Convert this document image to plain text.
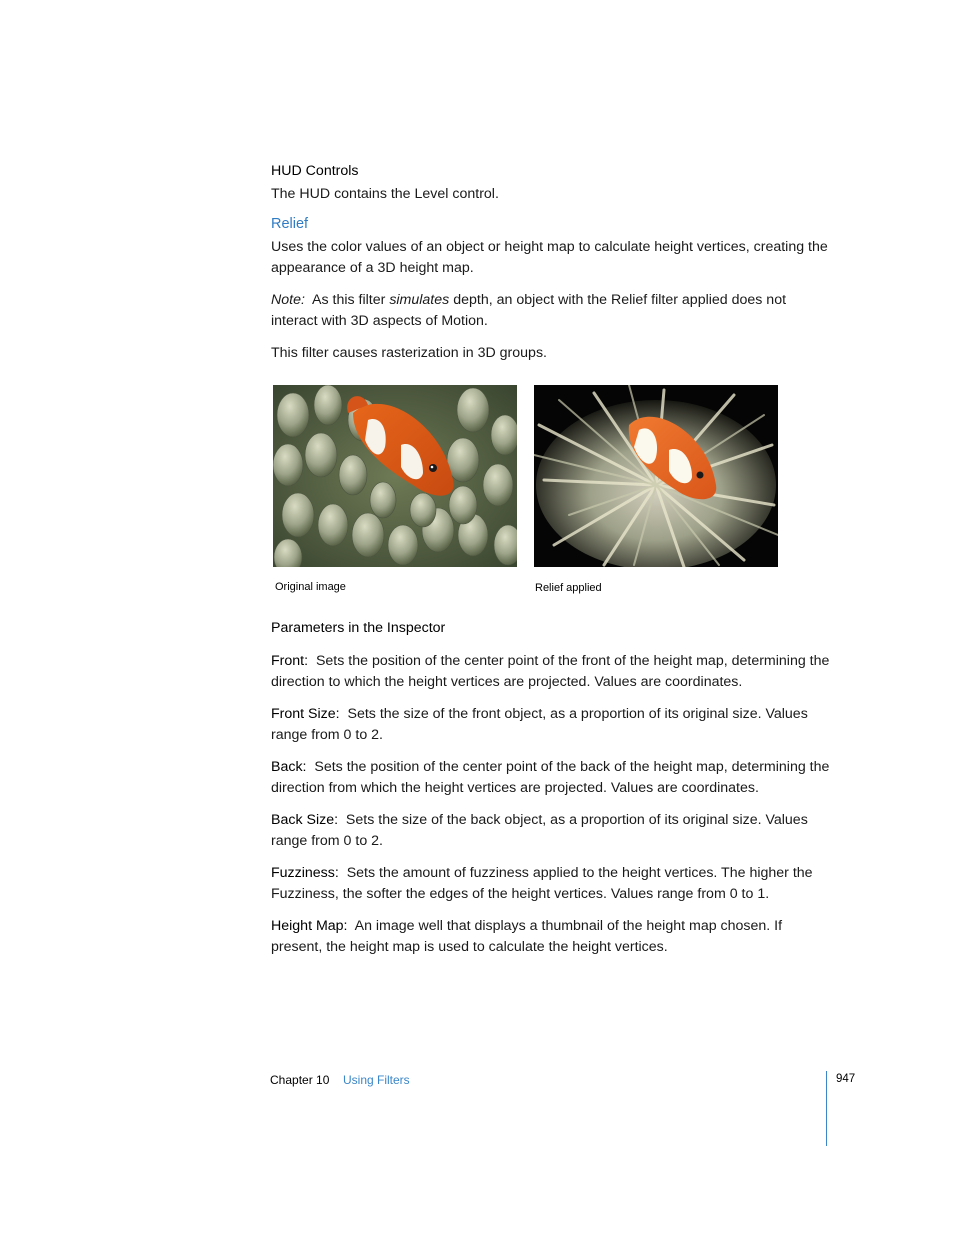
HUD Controls
The HUD contains the Level control.
Relief
Uses the color values of an object or height map to calculate height vertices, creating the appearance of a 3D height map.
Note: As this filter simulates depth, an object with the Relief filter applied does not interact with 3D aspects of Motion.
This filter causes rasterization in 3D groups.
Original image	Relief applied
Parameters in the Inspector
Front: Sets the position of the center point of the front of the height map, determining the direction to which the height vertices are projected. Values are coordinates.
Front Size: Sets the size of the front object, as a proportion of its original size. Values range from 0 to 2.
Back: Sets the position of the center point of the back of the height map, determining the direction from which the height vertices are projected. Values are coordinates.
Back Size: Sets the size of the back object, as a proportion of its original size. Values range from 0 to 2.
Fuzziness: Sets the amount of fuzziness applied to the height vertices. The higher the Fuzziness, the softer the edges of the height vertices. Values range from 0 to 1.
Height Map: An image well that displays a thumbnail of the height map chosen. If present, the height map is used to calculate the height vertices.
Chapter 10 Using Filters	947
